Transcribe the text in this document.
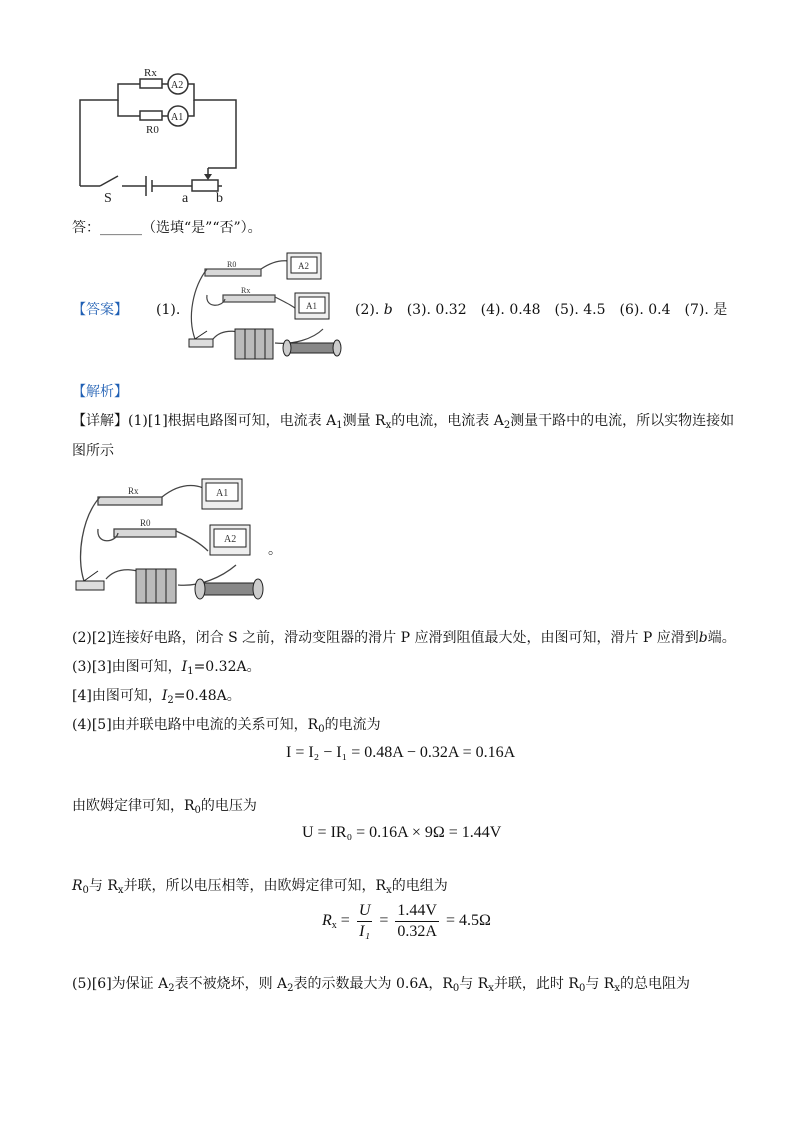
Rx
R0
A2
A1
S	a b
答：______（选填“是”“否”）。
【答案】 (1).
R0
Rx
A2
A1	(2). b　 (3). 0.32　(4). 0.48　(5). 4.5　(6). 0.4　(7). 是
【解析】
【详解】(1)[1]根据电路图可知，电流表 $A_1$测量 $R_x$的电流，电流表 $A_2$测量干路中的电流，所以实物连接如
图所示
Rx
R0
A1
A2
。
(2)[2]连接好电路，闭合 S 之前，滑动变阻器的滑片 P 应滑到阻值最大处，由图可知，滑片 P 应滑到b端。
(3)[3]由图可知，$I_1=0.32A$。
[4]由图可知，$I_2=0.48A$。
(4)[5]由并联电路中电流的关系可知，$R_0$的电流为
I = I₂ − I₁ = 0.48A − 0.32A = 0.16A
由欧姆定律可知，$R_0$的电压为
U = IR₀ = 0.16A × 9Ω = 1.44V
$R_0$与 $R_x$并联，所以电压相等，由欧姆定律可知，$R_x$的电组为
$R_x = \frac{U}{\text{I₁}} = \frac{1.44V}{0.32A} = 4.5\Omega$
(5)[6]为保证 $A_2$表不被烧坏，则 $A_2$表的示数最大为 0.6A，$R_0$与 $R_x$并联，此时 $R_0$与 $R_x$的总电阻为
